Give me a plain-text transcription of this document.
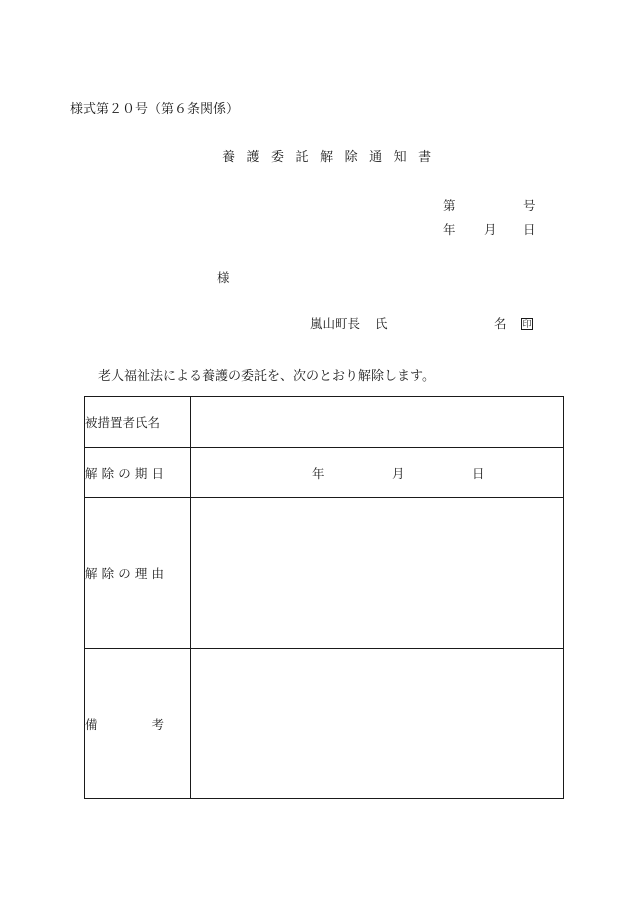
様式第２０号（第６条関係）
養 護 委 託 解 除 通 知 書
第	号
年 月 日
様
嵐山町長 氏	名	印
老人福祉法による養護の委託を、次のとおり解除します。
被措置者氏名	

解 除 の 期 日	年 月 日

解 除 の 理 由	

備 考	
